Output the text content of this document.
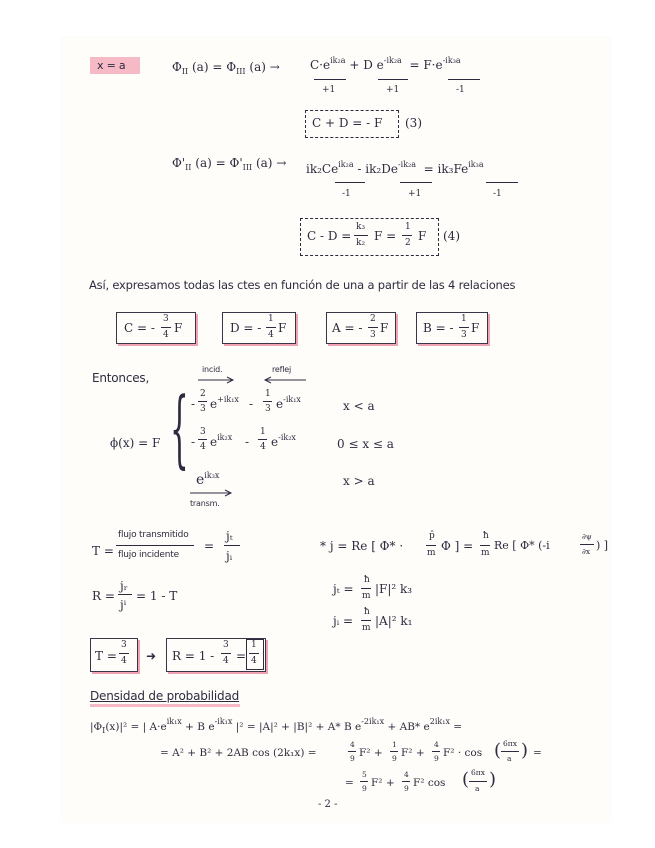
x = a	$\Phi_{II}$ $(a) = \Phi_{III}$ (a) →	$C\cdot e^{ik_2a} + D$ $e^{-ik_2a} = F\cdot e^{-ik_3a}$
+1	+1	-1
C + D = - F (3)
$\Phi'_{II}$ $(a) = \Phi'_{III}$ $(a) \to ik_2Ce^{ik_2a} - ik_2De^{-ik_2a} = ik_3Fe^{ik_3a}$
-1	+1	-1
C - D =
k₃
k₂ F =
1
2 F (4)
Así, expresamos todas las ctes en función de una a partir de las 4 relaciones
C = -
3
4 F	D = -
1
4 F	A = -
2
3 F	B = -
1
3 F
Entonces,
incid.	reflej
ϕ(x) = F { -
2
3 $e^{+ik_1x}$ -
1
3 $e^{-ik_1x}$	x < a
-
3
4 $e^{ik_2x}$ -
1
4 $e^{-ik_2x}$	0 ≤ x ≤ a
$e^{ik_3x}$	x > a
transm.
T =
flujo transmitido
flujo incidente
=
jₜ
jᵢ
* j = Re [ Φ* ·
p̂
m Φ ] =
ħ
m
Re [ Φ* (-i
∂ψ
∂x ) ]
R =
jᵣ
jⁱ
= 1 - T	jₜ =
ħ
m |F|² k₃
jᵢ =
ħ
m |A|² k₁
T =
3
4 ➜ R = 1 -
3
4 =
1
4
Densidad de probabilidad
$|\Phi_I(x)|^2$ = | $A\cdot e^{ik_1x} + B$ $e^{-ik_1x}$ |² = |A|² + |B|² + A* B $e^{-2ik_1x} + AB*$ $e^{2ik_1x}$ =
= A² + B² + 2AB cos (2k₁x) =
4
9 F² +
1
9 F² +
4
9 F² · cos ( 6πx
a ) =
=
5
9 F² +
4
9 F² cos ( 6πx
a )
- 2 -
